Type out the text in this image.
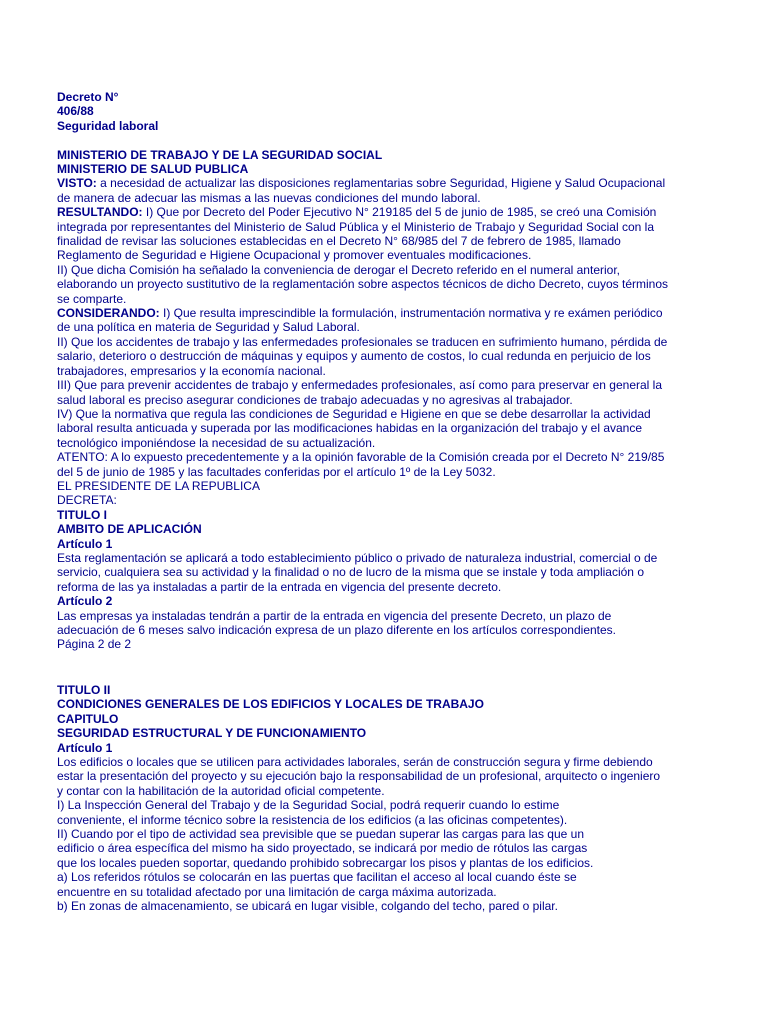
Decreto N°
406/88
Seguridad laboral
MINISTERIO DE TRABAJO Y DE LA SEGURIDAD SOCIAL
MINISTERIO DE SALUD PUBLICA
VISTO: a necesidad de actualizar las disposiciones reglamentarias sobre Seguridad, Higiene y Salud Ocupacional
de manera de adecuar las mismas a las nuevas condiciones del mundo laboral.
RESULTANDO: I) Que por Decreto del Poder Ejecutivo N° 219185 del 5 de junio de 1985, se creó una Comisión
integrada por representantes del Ministerio de Salud Pública y el Ministerio de Trabajo y Seguridad Social con la
finalidad de revisar las soluciones establecidas en el Decreto N° 68/985 del 7 de febrero de 1985, llamado
Reglamento de Seguridad e Higiene Ocupacional y promover eventuales modificaciones.
II) Que dicha Comisión ha señalado la conveniencia de derogar el Decreto referido en el numeral anterior,
elaborando un proyecto sustitutivo de la reglamentación sobre aspectos técnicos de dicho Decreto, cuyos términos
se comparte.
CONSIDERANDO: I) Que resulta imprescindible la formulación, instrumentación normativa y re exámen periódico
de una política en materia de Seguridad y Salud Laboral.
II) Que los accidentes de trabajo y las enfermedades profesionales se traducen en sufrimiento humano, pérdida de
salario, deterioro o destrucción de máquinas y equipos y aumento de costos, lo cual redunda en perjuicio de los
trabajadores, empresarios y la economía nacional.
III) Que para prevenir accidentes de trabajo y enfermedades profesionales, así como para preservar en general la
salud laboral es preciso asegurar condiciones de trabajo adecuadas y no agresivas al trabajador.
IV) Que la normativa que regula las condiciones de Seguridad e Higiene en que se debe desarrollar la actividad
laboral resulta anticuada y superada por las modificaciones habidas en la organización del trabajo y el avance
tecnológico imponiéndose la necesidad de su actualización.
ATENTO: A lo expuesto precedentemente y a la opinión favorable de la Comisión creada por el Decreto N° 219/85
del 5 de junio de 1985 y las facultades conferidas por el artículo 1º de la Ley 5032.
EL PRESIDENTE DE LA REPUBLICA
DECRETA:
TITULO I
AMBITO DE APLICACIÓN
Artículo 1
Esta reglamentación se aplicará a todo establecimiento público o privado de naturaleza industrial, comercial o de
servicio, cualquiera sea su actividad y la finalidad o no de lucro de la misma que se instale y toda ampliación o
reforma de las ya instaladas a partir de la entrada en vigencia del presente decreto.
Artículo 2
Las empresas ya instaladas tendrán a partir de la entrada en vigencia del presente Decreto, un plazo de
adecuación de 6 meses salvo indicación expresa de un plazo diferente en los artículos correspondientes.
Página 2 de 2
TITULO II
CONDICIONES GENERALES DE LOS EDIFICIOS Y LOCALES DE TRABAJO
CAPITULO
SEGURIDAD ESTRUCTURAL Y DE FUNCIONAMIENTO
Artículo 1
Los edificios o locales que se utilicen para actividades laborales, serán de construcción segura y firme debiendo
estar la presentación del proyecto y su ejecución bajo la responsabilidad de un profesional, arquitecto o ingeniero
y contar con la habilitación de la autoridad oficial competente.
I) La Inspección General del Trabajo y de la Seguridad Social, podrá requerir cuando lo estime
conveniente, el informe técnico sobre la resistencia de los edificios (a las oficinas competentes).
II) Cuando por el tipo de actividad sea previsible que se puedan superar las cargas para las que un
edificio o área específica del mismo ha sido proyectado, se indicará por medio de rótulos las cargas
que los locales pueden soportar, quedando prohibido sobrecargar los pisos y plantas de los edificios.
a) Los referidos rótulos se colocarán en las puertas que facilitan el acceso al local cuando éste se
encuentre en su totalidad afectado por una limitación de carga máxima autorizada.
b) En zonas de almacenamiento, se ubicará en lugar visible, colgando del techo, pared o pilar.
